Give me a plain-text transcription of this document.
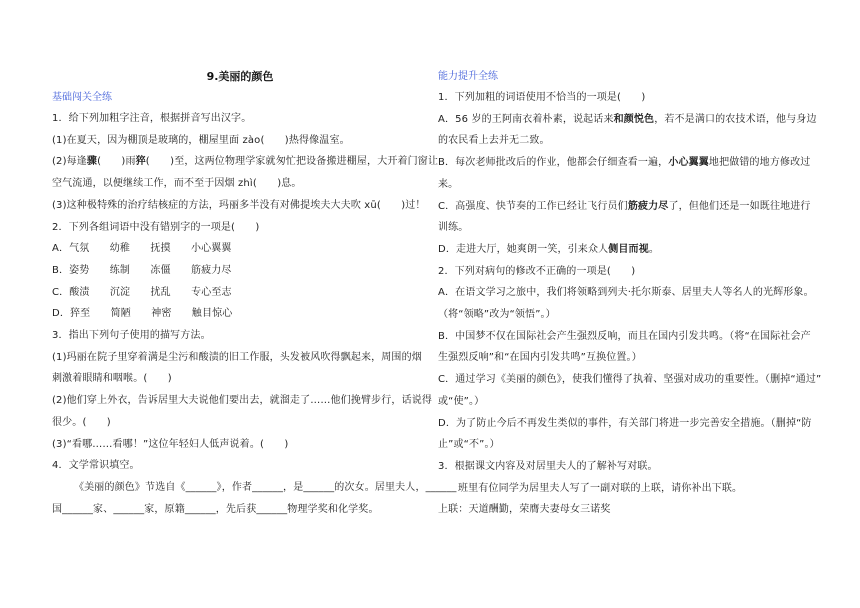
9.美丽的颜色
基础闯关全练
1．给下列加粗字注音，根据拼音写出汉字。
(1)在夏天，因为棚顶是玻璃的，棚屋里面 zào(　　)热得像温室。
(2)每逢骤(　　)雨猝(　　)至，这两位物理学家就匆忙把设备搬进棚屋，大开着门窗让
空气流通，以便继续工作，而不至于因烟 zhì(　　)息。
(3)这种极特殊的治疗结核症的方法，玛丽多半没有对佛提埃夫大夫吹 xū(　　)过！
2．下列各组词语中没有错别字的一项是(　　)
A．气氛　　幼稚　　抚摸　　小心翼翼
B．姿势　　练制　　冻僵　　筋疲力尽
C．酸渍　　沉淀　　扰乱　　专心至志
D．猝至　　简陋　　神密　　触目惊心
3．指出下列句子使用的描写方法。
(1)玛丽在院子里穿着满是尘污和酸渍的旧工作服，头发被风吹得飘起来，周围的烟
刺激着眼睛和咽喉。(　　)
(2)他们穿上外衣，告诉居里大夫说他们要出去，就溜走了……他们挽臂步行，话说得
很少。(　　)
(3)“看哪……看哪！”这位年轻妇人低声说着。(　　)
4．文学常识填空。
《美丽的颜色》节选自《______》，作者______，是______的次女。居里夫人，______
国______家、______家，原籍______，先后获______物理学奖和化学奖。
能力提升全练
1．下列加粗的词语使用不恰当的一项是(　　)
A．56 岁的王阿南衣着朴素，说起话来和颜悦色，若不是满口的农技术语，他与身边
的农民看上去并无二致。
B．每次老师批改后的作业，他都会仔细查看一遍，小心翼翼地把做错的地方修改过
来。
C．高强度、快节奏的工作已经让飞行员们筋疲力尽了，但他们还是一如既往地进行
训练。
D．走进大厅，她爽朗一笑，引来众人侧目而视。
2．下列对病句的修改不正确的一项是(　　)
A．在语文学习之旅中，我们将领略到列夫·托尔斯泰、居里夫人等名人的光辉形象。
（将“领略”改为“领悟”。）
B．中国梦不仅在国际社会产生强烈反响，而且在国内引发共鸣。（将“在国际社会产
生强烈反响”和“在国内引发共鸣”互换位置。）
C．通过学习《美丽的颜色》，使我们懂得了执着、坚强对成功的重要性。（删掉“通过”
或“使”。）
D．为了防止今后不再发生类似的事件，有关部门将进一步完善安全措施。（删掉“防
止”或“不”。）
3．根据课文内容及对居里夫人的了解补写对联。
班里有位同学为居里夫人写了一副对联的上联，请你补出下联。
上联：天道酬勤，荣膺夫妻母女三诺奖
